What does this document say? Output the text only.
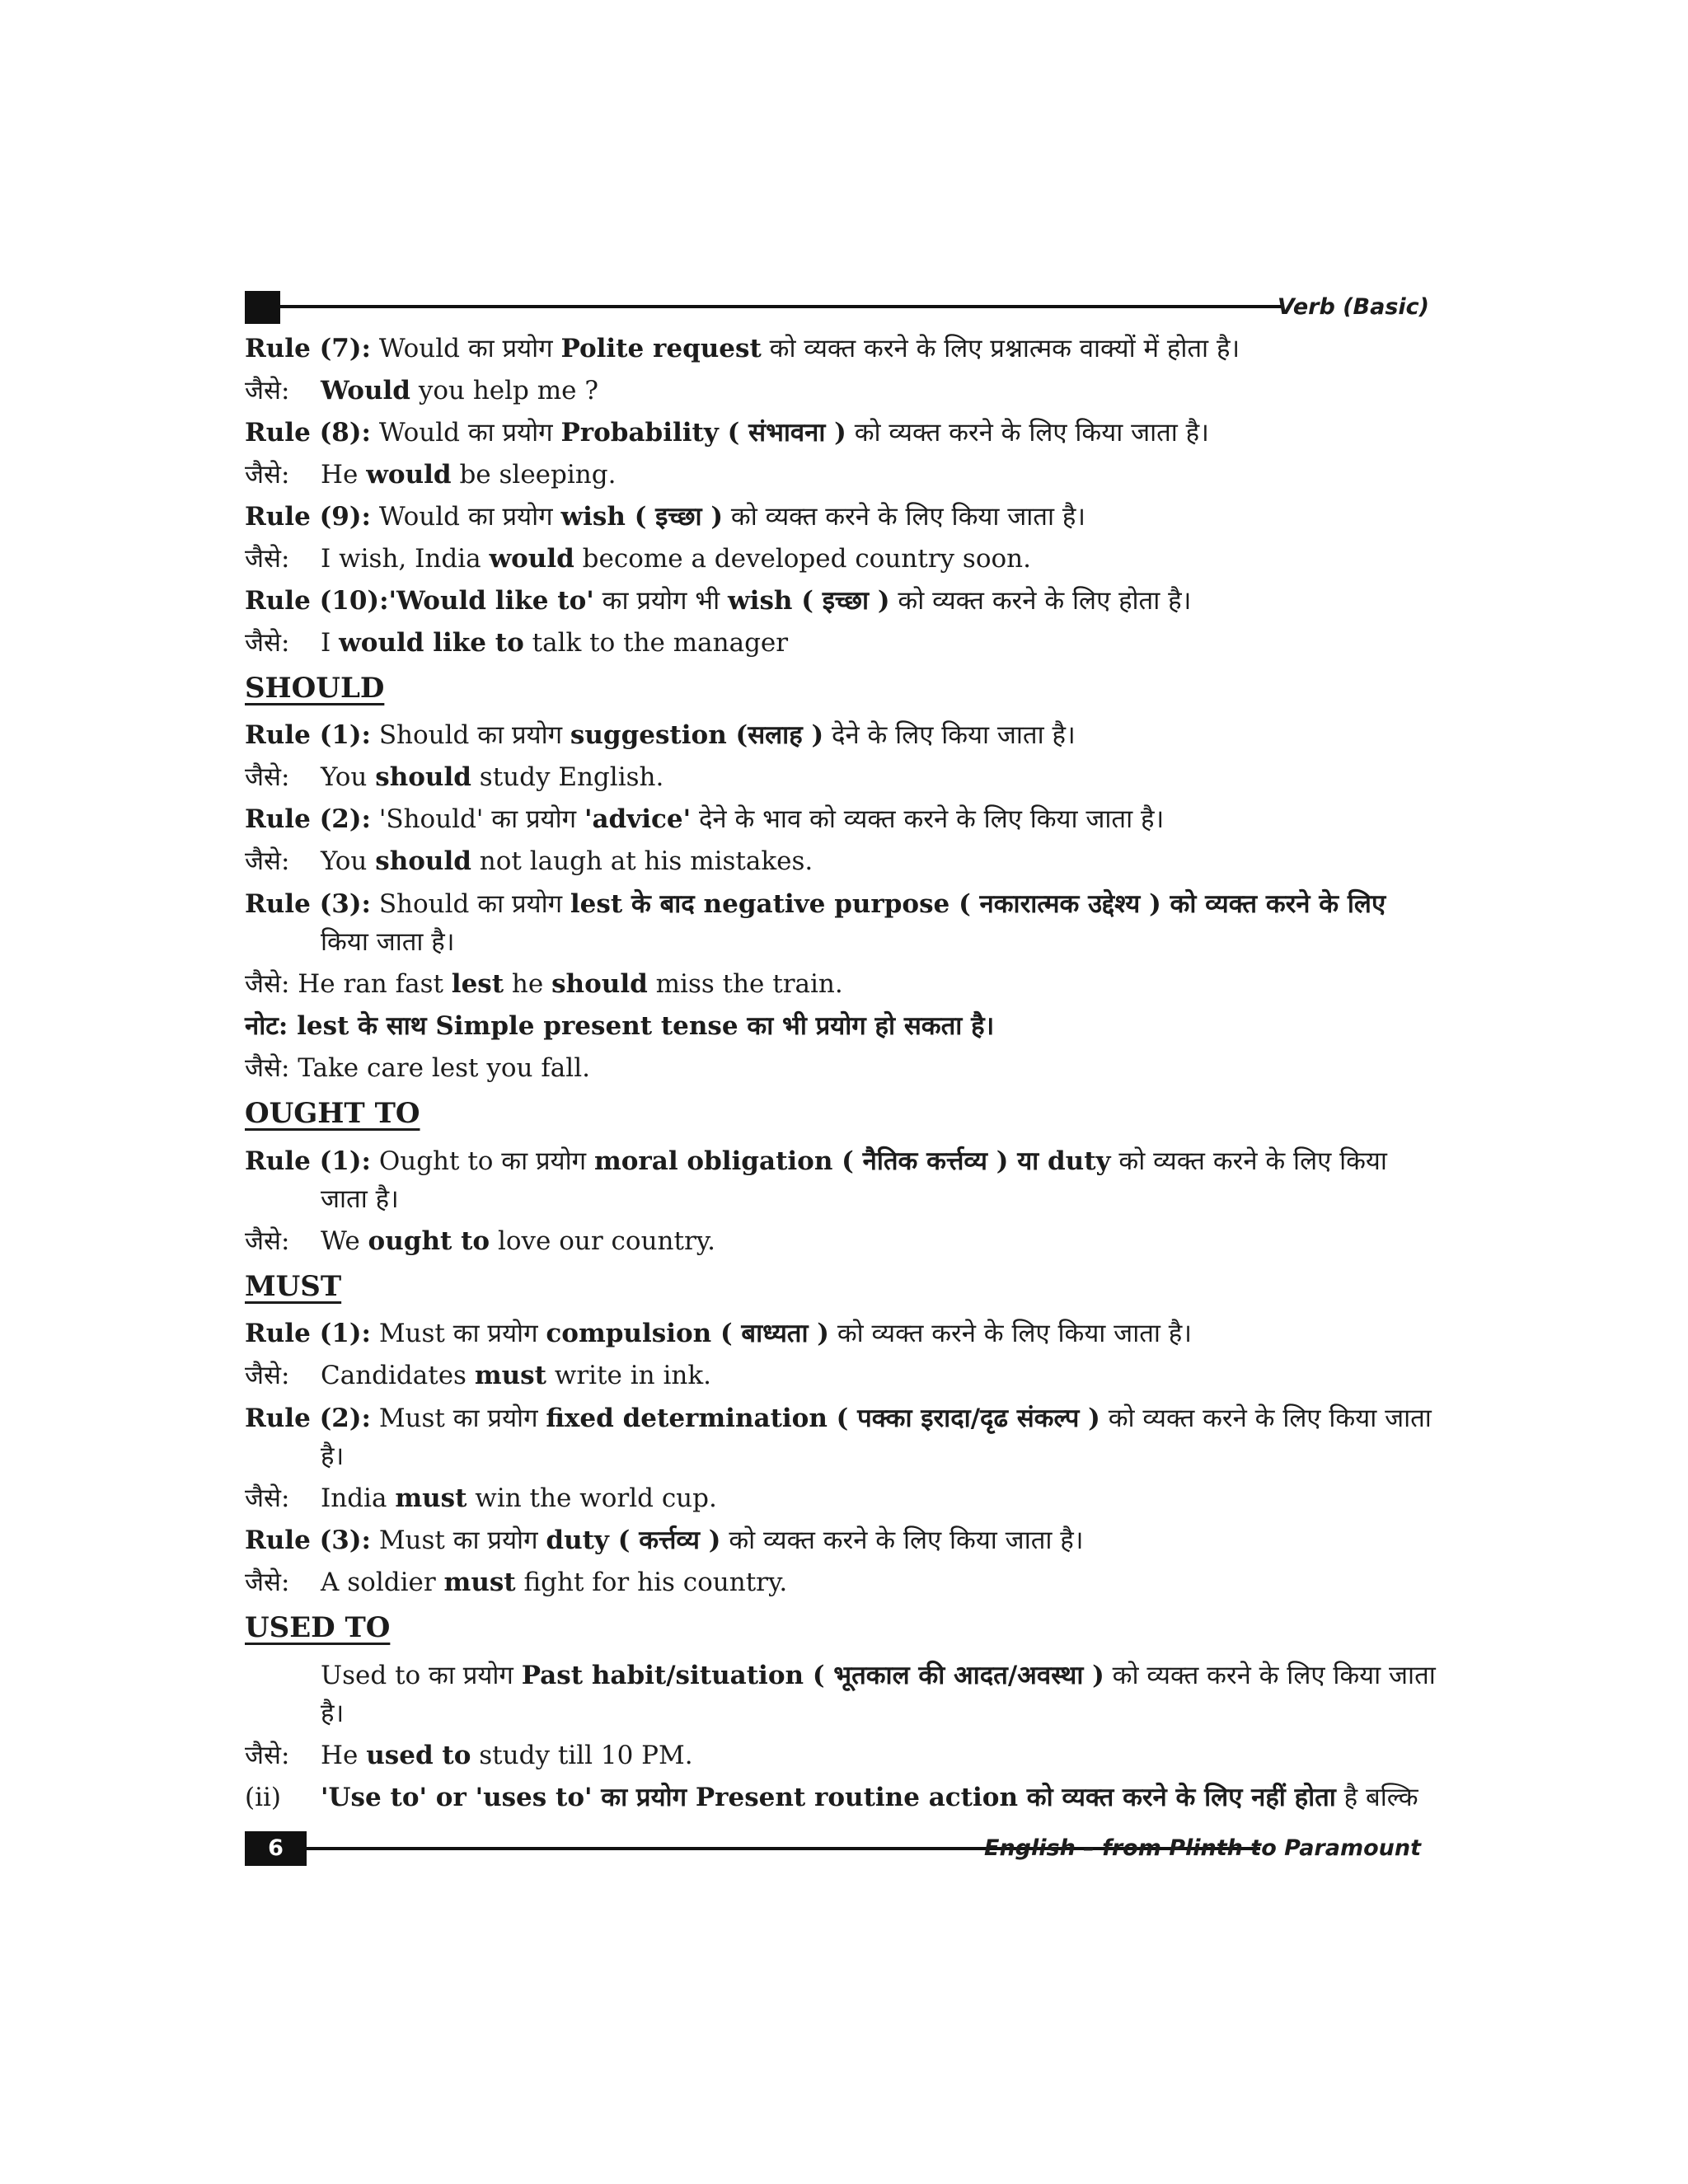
Verb (Basic)
Rule (7): Would का प्रयोग Polite request को व्यक्त करने के लिए प्रश्नात्मक वाक्यों में होता है।
जैसे: Would you help me ?
Rule (8): Would का प्रयोग Probability ( संभावना ) को व्यक्त करने के लिए किया जाता है।
जैसे: He would be sleeping.
Rule (9): Would का प्रयोग wish ( इच्छा ) को व्यक्त करने के लिए किया जाता है।
जैसे: I wish, India would become a developed country soon.
Rule (10):'Would like to' का प्रयोग भी wish ( इच्छा ) को व्यक्त करने के लिए होता है।
जैसे: I would like to talk to the manager
SHOULD
Rule (1): Should का प्रयोग suggestion (सलाह ) देने के लिए किया जाता है।
जैसे: You should study English.
Rule (2): 'Should' का प्रयोग 'advice' देने के भाव को व्यक्त करने के लिए किया जाता है।
जैसे: You should not laugh at his mistakes.
Rule (3): Should का प्रयोग lest के बाद negative purpose ( नकारात्मक उद्देश्य ) को व्यक्त करने के लिए किया जाता है।
जैसे: He ran fast lest he should miss the train.
नोट: lest के साथ Simple present tense का भी प्रयोग हो सकता है।
जैसे: Take care lest you fall.
OUGHT TO
Rule (1): Ought to का प्रयोग moral obligation ( नैतिक कर्त्तव्य ) या duty को व्यक्त करने के लिए किया जाता है।
जैसे: We ought to love our country.
MUST
Rule (1): Must का प्रयोग compulsion ( बाध्यता ) को व्यक्त करने के लिए किया जाता है।
जैसे: Candidates must write in ink.
Rule (2): Must का प्रयोग fixed determination ( पक्का इरादा/दृढ संकल्प ) को व्यक्त करने के लिए किया जाता है।
जैसे: India must win the world cup.
Rule (3): Must का प्रयोग duty ( कर्त्तव्य ) को व्यक्त करने के लिए किया जाता है।
जैसे: A soldier must fight for his country.
USED TO
Used to का प्रयोग Past habit/situation ( भूतकाल की आदत/अवस्था ) को व्यक्त करने के लिए किया जाता है।
जैसे: He used to study till 10 PM.
(ii) 'Use to' or 'uses to' का प्रयोग Present routine action को व्यक्त करने के लिए नहीं होता है बल्कि
6	English – from Plinth to Paramount
